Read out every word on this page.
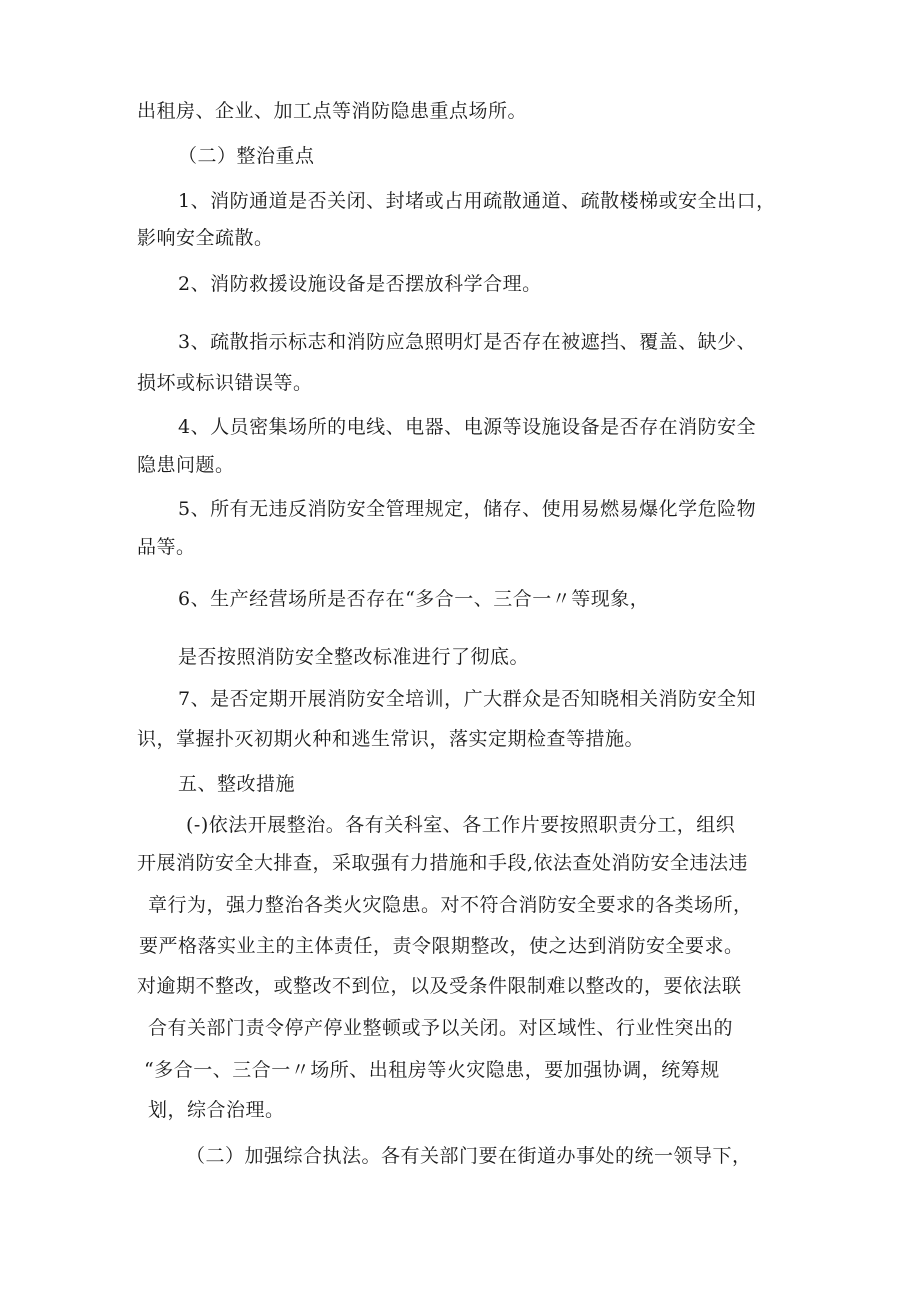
出租房、企业、加工点等消防隐患重点场所。
（二）整治重点
1、消防通道是否关闭、封堵或占用疏散通道、疏散楼梯或安全出口，
影响安全疏散。
2、消防救援设施设备是否摆放科学合理。
3、疏散指示标志和消防应急照明灯是否存在被遮挡、覆盖、缺少、
损坏或标识错误等。
4、人员密集场所的电线、电器、电源等设施设备是否存在消防安全
隐患问题。
5、所有无违反消防安全管理规定，储存、使用易燃易爆化学危险物
品等。
6、生产经营场所是否存在“多合一、三合一〃等现象，
是否按照消防安全整改标准进行了彻底。
7、是否定期开展消防安全培训，广大群众是否知晓相关消防安全知
识，掌握扑灭初期火种和逃生常识，落实定期检查等措施。
五、整改措施
(-)依法开展整治。各有关科室、各工作片要按照职责分工，组织
开展消防安全大排查，采取强有力措施和手段,依法查处消防安全违法违
章行为，强力整治各类火灾隐患。对不符合消防安全要求的各类场所，
要严格落实业主的主体责任，责令限期整改，使之达到消防安全要求。
对逾期不整改，或整改不到位，以及受条件限制难以整改的，要依法联
合有关部门责令停产停业整顿或予以关闭。对区域性、行业性突出的
“多合一、三合一〃场所、出租房等火灾隐患，要加强协调，统筹规
划，综合治理。
（二）加强综合执法。各有关部门要在街道办事处的统一领导下，
